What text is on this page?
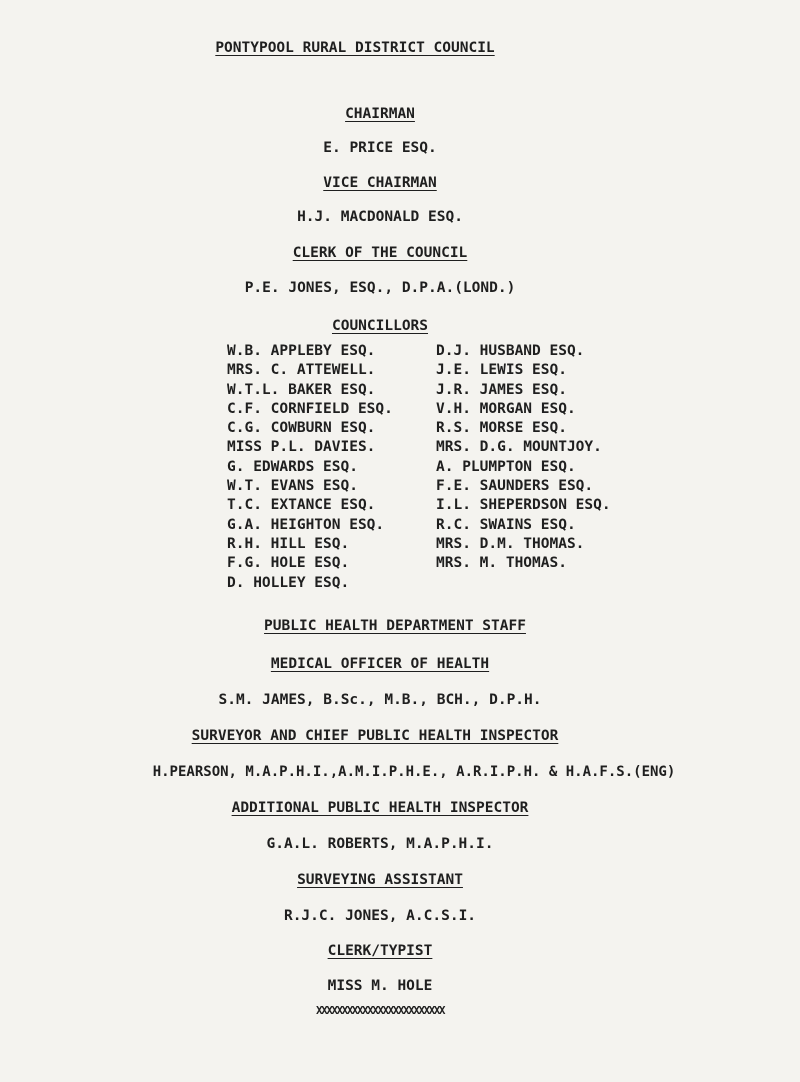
PONTYPOOL RURAL DISTRICT COUNCIL
CHAIRMAN
E. PRICE ESQ.
VICE CHAIRMAN
H.J. MACDONALD ESQ.
CLERK OF THE COUNCIL
P.E. JONES, ESQ., D.P.A.(LOND.)
COUNCILLORS
W.B. APPLEBY ESQ.
MRS. C. ATTEWELL.
W.T.L. BAKER ESQ.
C.F. CORNFIELD ESQ.
C.G. COWBURN ESQ.
MISS P.L. DAVIES.
G. EDWARDS ESQ.
W.T. EVANS ESQ.
T.C. EXTANCE ESQ.
G.A. HEIGHTON ESQ.
R.H. HILL ESQ.
F.G. HOLE ESQ.
D. HOLLEY ESQ.
D.J. HUSBAND ESQ.
J.E. LEWIS ESQ.
J.R. JAMES ESQ.
V.H. MORGAN ESQ.
R.S. MORSE ESQ.
MRS. D.G. MOUNTJOY.
A. PLUMPTON ESQ.
F.E. SAUNDERS ESQ.
I.L. SHEPERDSON ESQ.
R.C. SWAINS ESQ.
MRS. D.M. THOMAS.
MRS. M. THOMAS.
PUBLIC HEALTH DEPARTMENT STAFF
MEDICAL OFFICER OF HEALTH
S.M. JAMES, B.Sc., M.B., BCH., D.P.H.
SURVEYOR AND CHIEF PUBLIC HEALTH INSPECTOR
H.PEARSON, M.A.P.H.I.,A.M.I.P.H.E., A.R.I.P.H. & H.A.F.S.(ENG)
ADDITIONAL PUBLIC HEALTH INSPECTOR
G.A.L. ROBERTS, M.A.P.H.I.
SURVEYING ASSISTANT
R.J.C. JONES, A.C.S.I.
CLERK/TYPIST
MISS M. HOLE
XXXXXXXXXXXXXXXXXXXXXXXXX
